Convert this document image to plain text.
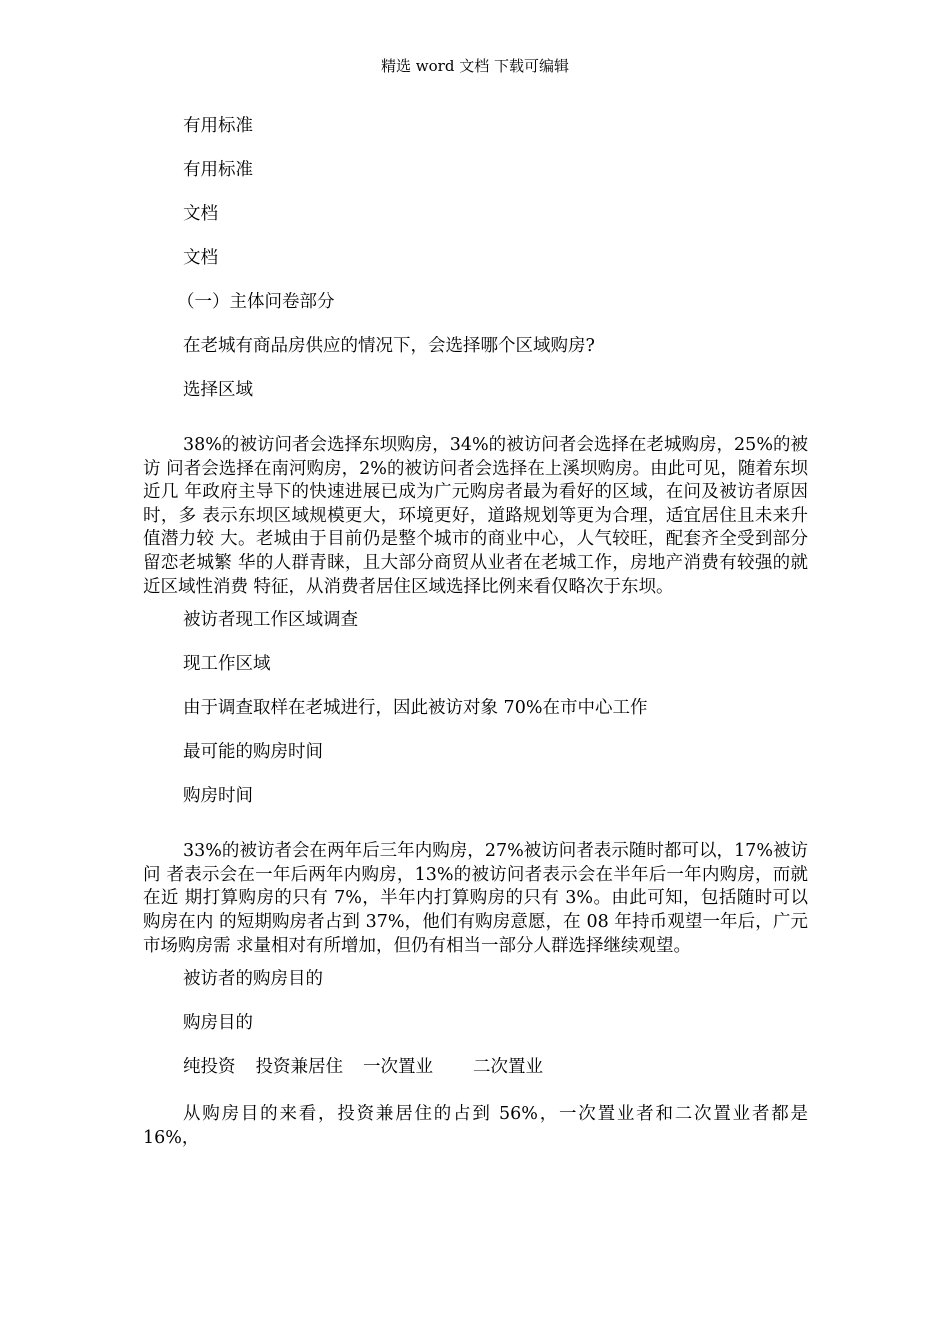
精选 word 文档 下载可编辑
有用标准
有用标准
文档
文档
（一）主体问卷部分
在老城有商品房供应的情况下，会选择哪个区域购房?
选择区域

38%的被访问者会选择东坝购房，34%的被访问者会选择在老城购房，25%的被访 问者会选择在南河购房，2%的被访问者会选择在上溪坝购房。由此可见，随着东坝近几 年政府主导下的快速进展已成为广元购房者最为看好的区域，在问及被访者原因时，多 表示东坝区域规模更大，环境更好，道路规划等更为合理，适宜居住且未来升值潜力较 大。老城由于目前仍是整个城市的商业中心，人气较旺，配套齐全受到部分留恋老城繁 华的人群青睐，且大部分商贸从业者在老城工作，房地产消费有较强的就近区域性消费 特征，从消费者居住区域选择比例来看仅略次于东坝。

被访者现工作区域调查
现工作区域
由于调查取样在老城进行，因此被访对象 70%在市中心工作
最可能的购房时间
购房时间

33%的被访者会在两年后三年内购房，27%被访问者表示随时都可以，17%被访问 者表示会在一年后两年内购房，13%的被访问者表示会在半年后一年内购房，而就在近 期打算购房的只有 7%，半年内打算购房的只有 3%。由此可知，包括随时可以购房在内 的短期购房者占到 37%，他们有购房意愿，在 08 年持币观望一年后，广元市场购房需 求量相对有所增加，但仍有相当一部分人群选择继续观望。

被访者的购房目的
购房目的
纯投资 投资兼居住 一次置业 二次置业

从购房目的来看，投资兼居住的占到 56%，一次置业者和二次置业者都是 16%，
